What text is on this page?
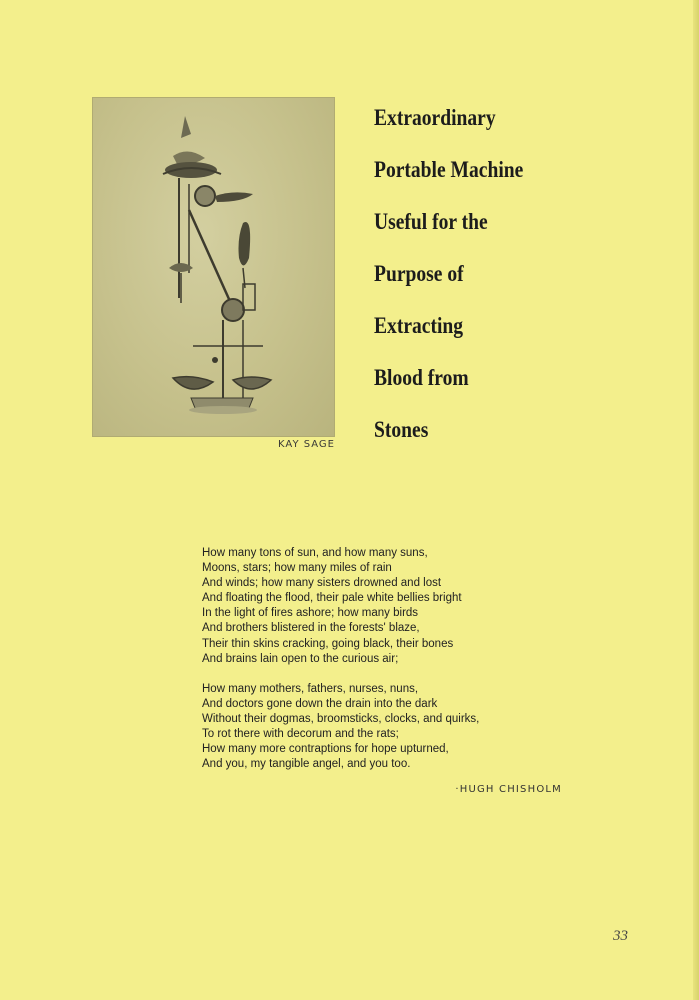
KAY SAGE
Extraordinary
Portable Machine
Useful for the
Purpose of
Extracting
Blood from
Stones
How many tons of sun, and how many suns,
Moons, stars; how many miles of rain
And winds; how many sisters drowned and lost
And floating the flood, their pale white bellies bright
In the light of fires ashore; how many birds
And brothers blistered in the forests' blaze,
Their thin skins cracking, going black, their bones
And brains lain open to the curious air;
How many mothers, fathers, nurses, nuns,
And doctors gone down the drain into the dark
Without their dogmas, broomsticks, clocks, and quirks,
To rot there with decorum and the rats;
How many more contraptions for hope upturned,
And you, my tangible angel, and you too.
·HUGH CHISHOLM
33
